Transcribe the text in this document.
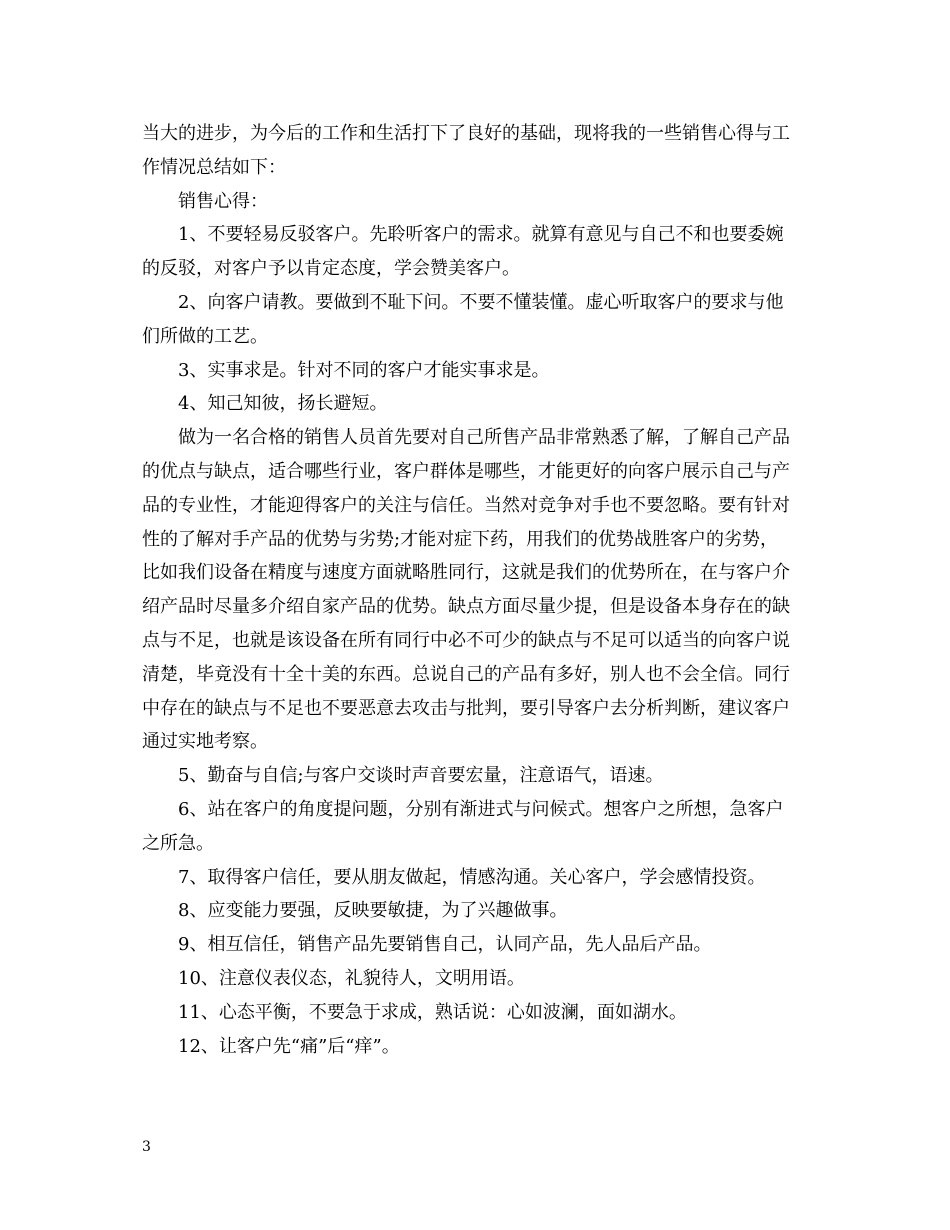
当大的进步，为今后的工作和生活打下了良好的基础，现将我的一些销售心得与工
作情况总结如下：

销售心得：

1、不要轻易反驳客户。先聆听客户的需求。就算有意见与自己不和也要委婉
的反驳，对客户予以肯定态度，学会赞美客户。

2、向客户请教。要做到不耻下问。不要不懂装懂。虚心听取客户的要求与他
们所做的工艺。

3、实事求是。针对不同的客户才能实事求是。

4、知己知彼，扬长避短。

做为一名合格的销售人员首先要对自己所售产品非常熟悉了解，了解自己产品
的优点与缺点，适合哪些行业，客户群体是哪些，才能更好的向客户展示自己与产
品的专业性，才能迎得客户的关注与信任。当然对竞争对手也不要忽略。要有针对
性的了解对手产品的优势与劣势;才能对症下药，用我们的优势战胜客户的劣势，
比如我们设备在精度与速度方面就略胜同行，这就是我们的优势所在，在与客户介
绍产品时尽量多介绍自家产品的优势。缺点方面尽量少提，但是设备本身存在的缺
点与不足，也就是该设备在所有同行中必不可少的缺点与不足可以适当的向客户说
清楚，毕竟没有十全十美的东西。总说自己的产品有多好，别人也不会全信。同行
中存在的缺点与不足也不要恶意去攻击与批判，要引导客户去分析判断，建议客户
通过实地考察。

5、勤奋与自信;与客户交谈时声音要宏量，注意语气，语速。

6、站在客户的角度提问题，分别有渐进式与问候式。想客户之所想，急客户
之所急。

7、取得客户信任，要从朋友做起，情感沟通。关心客户，学会感情投资。

8、应变能力要强，反映要敏捷，为了兴趣做事。

9、相互信任，销售产品先要销售自己，认同产品，先人品后产品。

10、注意仪表仪态，礼貌待人，文明用语。

11、心态平衡，不要急于求成，熟话说：心如波澜，面如湖水。

12、让客户先“痛”后“痒”。

3
